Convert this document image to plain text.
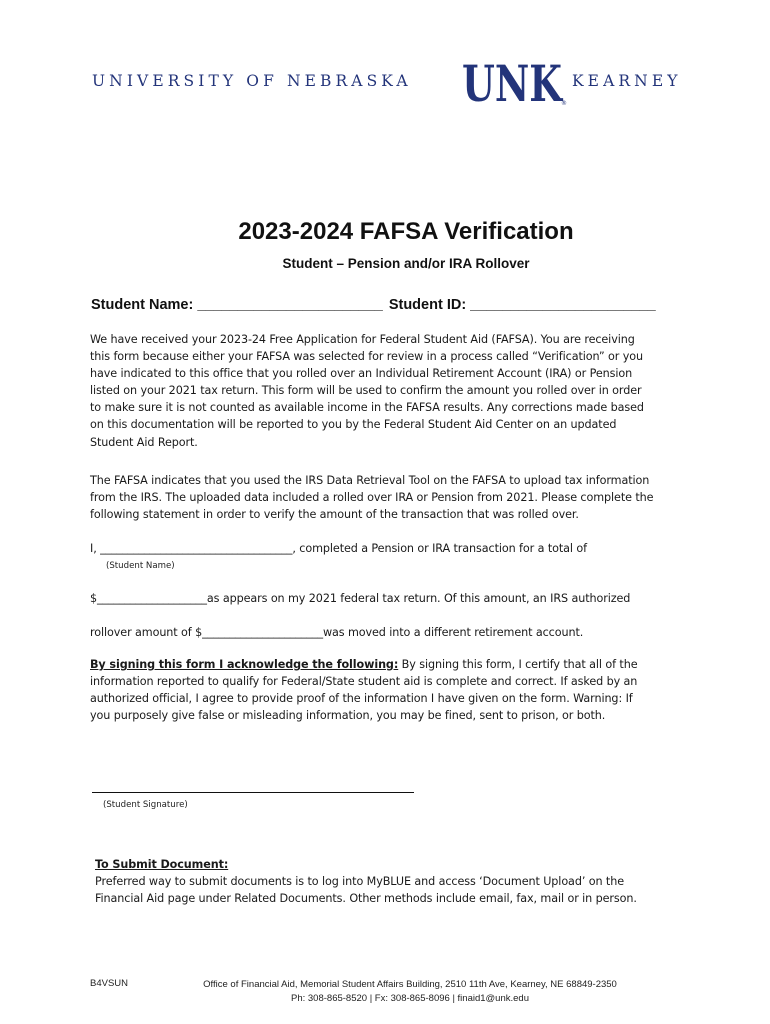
UNIVERSITY OF NEBRASKA UNK
®
KEARNEY
2023-2024 FAFSA Verification
Student – Pension and/or IRA Rollover
Student Name: _______________________ Student ID: _______________________

We have received your 2023-24 Free Application for Federal Student Aid (FAFSA). You are receiving

this form because either your FAFSA was selected for review in a process called “Verification” or you

have indicated to this office that you rolled over an Individual Retirement Account (IRA) or Pension

listed on your 2021 tax return. This form will be used to confirm the amount you rolled over in order

to make sure it is not counted as available income in the FAFSA results. Any corrections made based

on this documentation will be reported to you by the Federal Student Aid Center on an updated

Student Aid Report.

The FAFSA indicates that you used the IRS Data Retrieval Tool on the FAFSA to upload tax information

from the IRS. The uploaded data included a rolled over IRA or Pension from 2021. Please complete the

following statement in order to verify the amount of the transaction that was rolled over.

I, ___________________________________, completed a Pension or IRA transaction for a total of
(Student Name)
$____________________as appears on my 2021 federal tax return. Of this amount, an IRS authorized
rollover amount of $______________________was moved into a different retirement account.

By signing this form I acknowledge the following: By signing this form, I certify that all of the

information reported to qualify for Federal/State student aid is complete and correct. If asked by an

authorized official, I agree to provide proof of the information I have given on the form. Warning: If

you purposely give false or misleading information, you may be fined, sent to prison, or both.

(Student Signature)
To Submit Document:
Preferred way to submit documents is to log into MyBLUE and access ‘Document Upload’ on the
Financial Aid page under Related Documents. Other methods include email, fax, mail or in person.
B4VSUN	Office of Financial Aid, Memorial Student Affairs Building, 2510 11th Ave, Kearney, NE 68849-2350
Ph: 308-865-8520 | Fx: 308-865-8096 | finaid1@unk.edu
